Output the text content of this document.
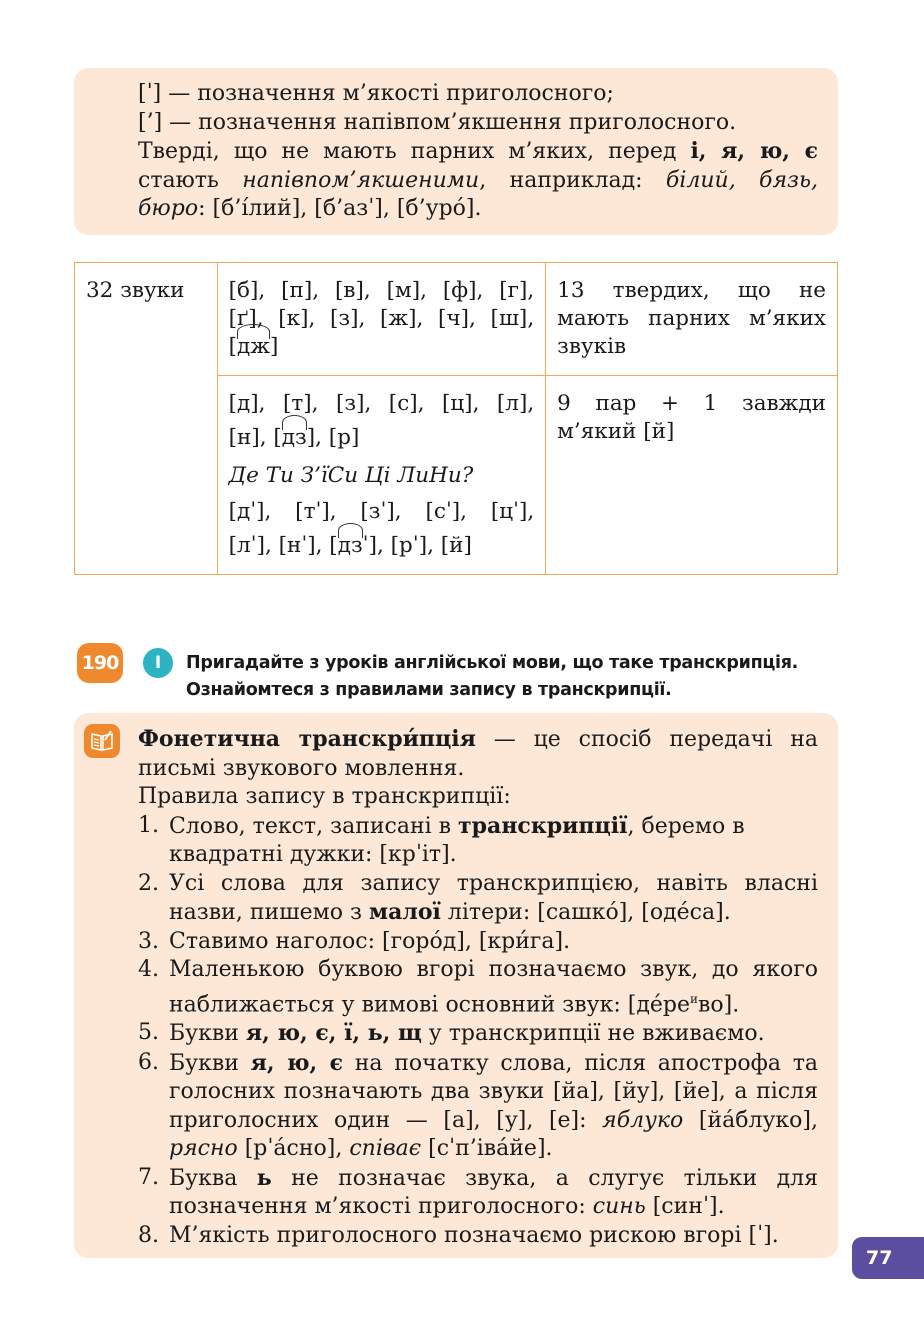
[ˈ] — позначення м’якості приголосного;
[’] — позначення напівпом’якшення приголосного.
Тверді, що не мають парних м’яких, перед і, я, ю, є
стають напівпом’якшеними, наприклад: білий, бязь,
бюро: [б’íлий], [б’азˈ], [б’урó].
32 звуки	[б], [п], [в], [м], [ф], [г],
[ґ], [к], [з], [ж], [ч], [ш],
[дж]	13 твердих, що не мають парних м’яких звуків

	[д], [т], [з], [с], [ц], [л],
[н], [дз], [р]
Де Ти З’їСи Ці ЛиНи?
[дˈ], [тˈ], [зˈ], [сˈ], [цˈ],
[лˈ], [нˈ], [дзˈ], [рˈ], [й]	9 пар + 1 завжди м’який [й]
190	І	Пригадайте з уроків англійської мови, що таке транскрипція.
Ознайомтеся з правилами запису в транскрипції.
Фонетична транскри́пція — це спосіб передачі на письмі звукового мовлення.
Правила запису в транскрипції:
1. Слово, текст, записані в транскрипції, беремо в квадратні дужки: [крˈіт].
2. Усі слова для запису транскрипцією, навіть власні назви, пишемо з малої літери: [сашкó], [одéса].
3. Ставимо наголос: [горóд], [кри́га].
4. Маленькою буквою вгорі позначаємо звук, до якого наближається у вимові основний звук: [дéре$^и$во].
5. Букви я, ю, є, ї, ь, щ у транскрипції не вживаємо.
6. Букви я, ю, є на початку слова, після апострофа та голосних позначають два звуки [йа], [йу], [йе], а після приголосних один — [а], [у], [е]: яблуко [йáблуко], рясно [рˈáсно], співає [сˈп’івáйе].
7. Буква ь не позначає звука, а слугує тільки для позначення м’якості приголосного: синь [синˈ].
8. М’якість приголосного позначаємо рискою вгорі [ˈ].
77
